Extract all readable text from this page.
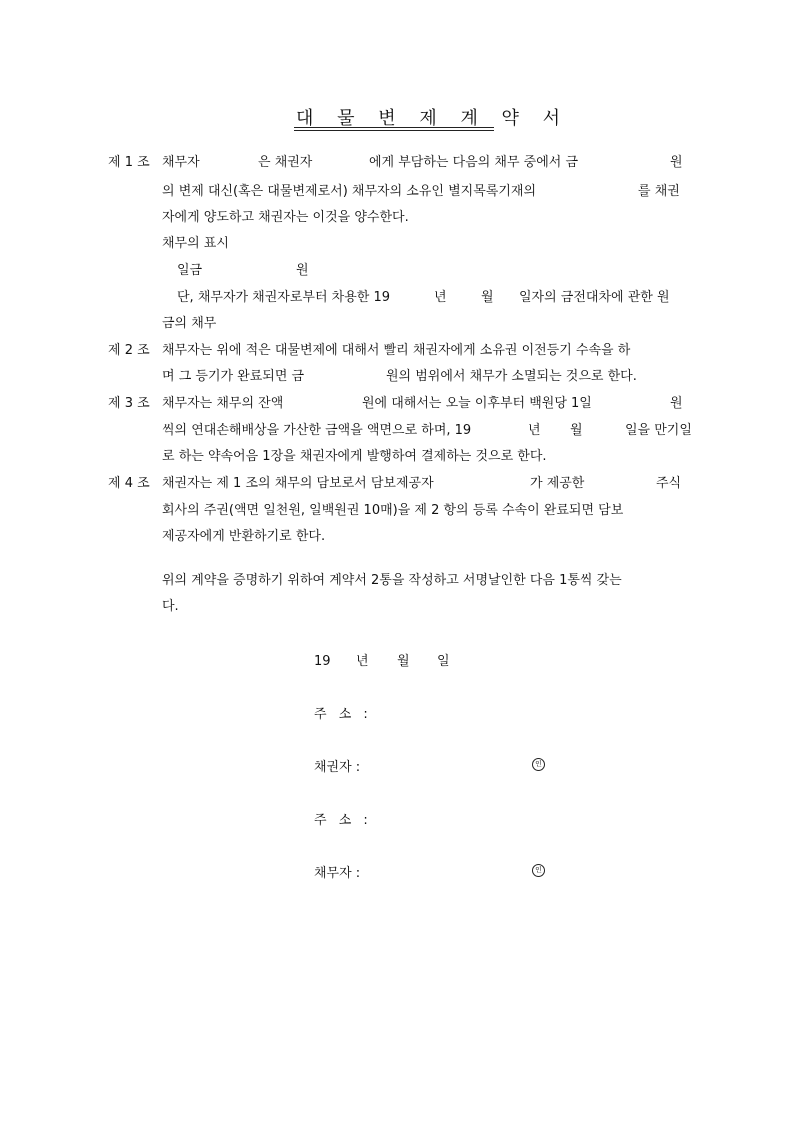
대 물 변 제 계 약 서
제 1 조 채무자	은 채권자	에게 부담하는 다음의 채무 중에서 금	원
의 변제 대신(혹은 대물변제로서) 채무자의 소유인 별지목록기재의	를 채권
자에게 양도하고 채권자는 이것을 양수한다.
채무의 표시
일금	원
단, 채무자가 채권자로부터 차용한 19	년	월 일자의 금전대차에 관한 원
금의 채무
제 2 조 채무자는 위에 적은 대물변제에 대해서 빨리 채권자에게 소유권 이전등기 수속을 하
며 그 등기가 완료되면 금	원의 범위에서 채무가 소멸되는 것으로 한다.
제 3 조 채무자는 채무의 잔액	원에 대해서는 오늘 이후부터 백원당 1일	원
씩의 연대손해배상을 가산한 금액을 액면으로 하며, 19	년 월	일을 만기일
로 하는 약속어음 1장을 채권자에게 발행하여 결제하는 것으로 한다.
제 4 조 채권자는 제 1 조의 채무의 담보로서 담보제공자	가 제공한	주식
회사의 주권(액면 일천원, 일백원권 10매)을 제 2 항의 등록 수속이 완료되면 담보
제공자에게 반환하기로 한다.
위의 계약을 증명하기 위하여 계약서 2통을 작성하고 서명날인한 다음 1통씩 갖는
다.
19 년 월 일
주 소 :
채권자 :	인
주 소 :
채무자 :	인
